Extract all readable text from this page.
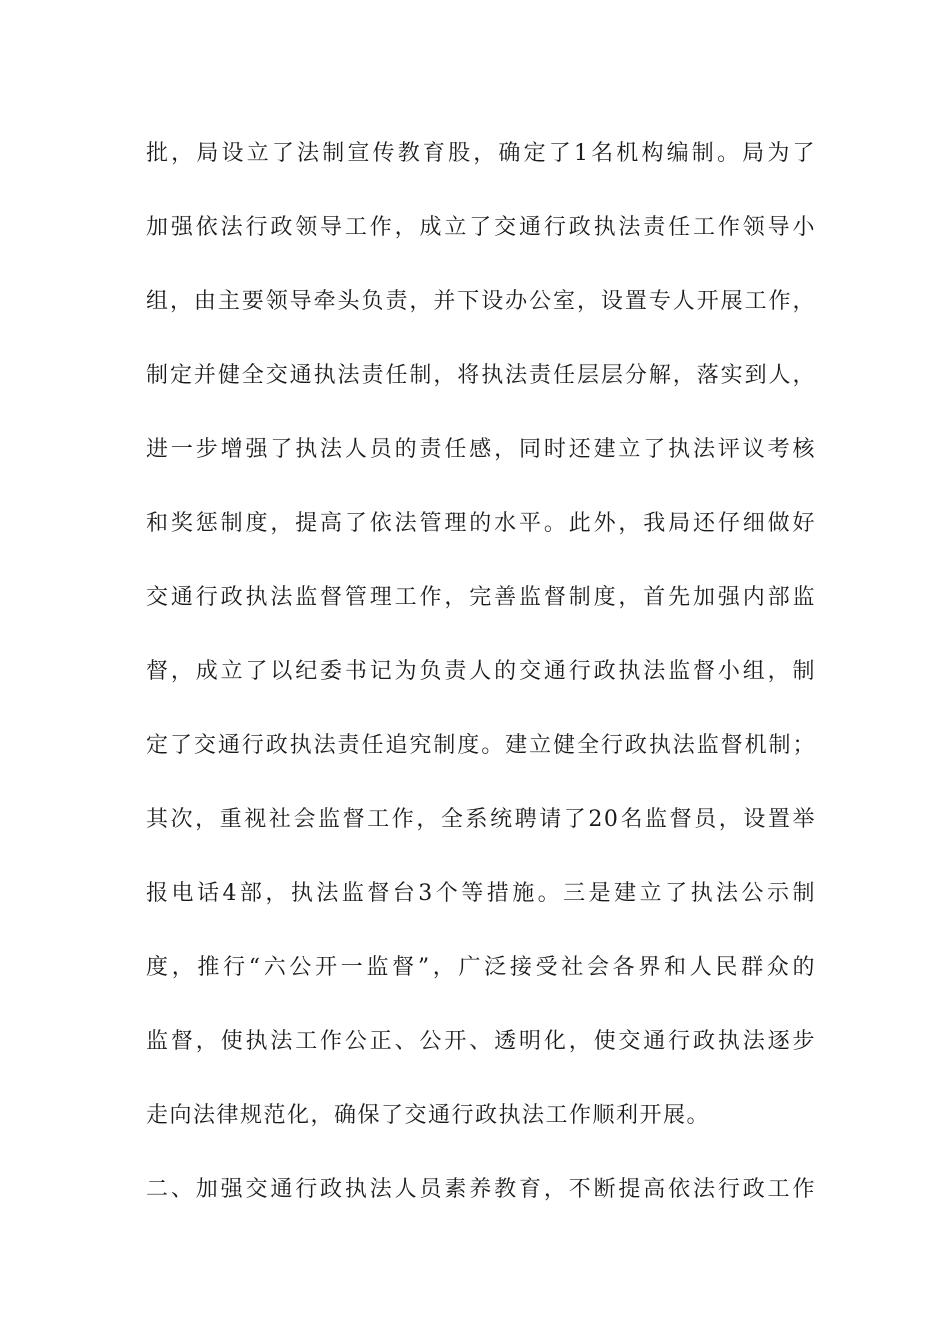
批，局设立了法制宣传教育股，确定了1名机构编制。局为了
加强依法行政领导工作，成立了交通行政执法责任工作领导小
组，由主要领导牵头负责，并下设办公室，设置专人开展工作，
制定并健全交通执法责任制，将执法责任层层分解，落实到人，
进一步增强了执法人员的责任感，同时还建立了执法评议考核
和奖惩制度，提高了依法管理的水平。此外，我局还仔细做好
交通行政执法监督管理工作，完善监督制度，首先加强内部监
督，成立了以纪委书记为负责人的交通行政执法监督小组，制
定了交通行政执法责任追究制度。建立健全行政执法监督机制；
其次，重视社会监督工作，全系统聘请了20名监督员，设置举
报电话4部，执法监督台3个等措施。三是建立了执法公示制
度，推行“六公开一监督”，广泛接受社会各界和人民群众的
监督，使执法工作公正、公开、透明化，使交通行政执法逐步
走向法律规范化，确保了交通行政执法工作顺利开展。
二、加强交通行政执法人员素养教育，不断提高依法行政工作
